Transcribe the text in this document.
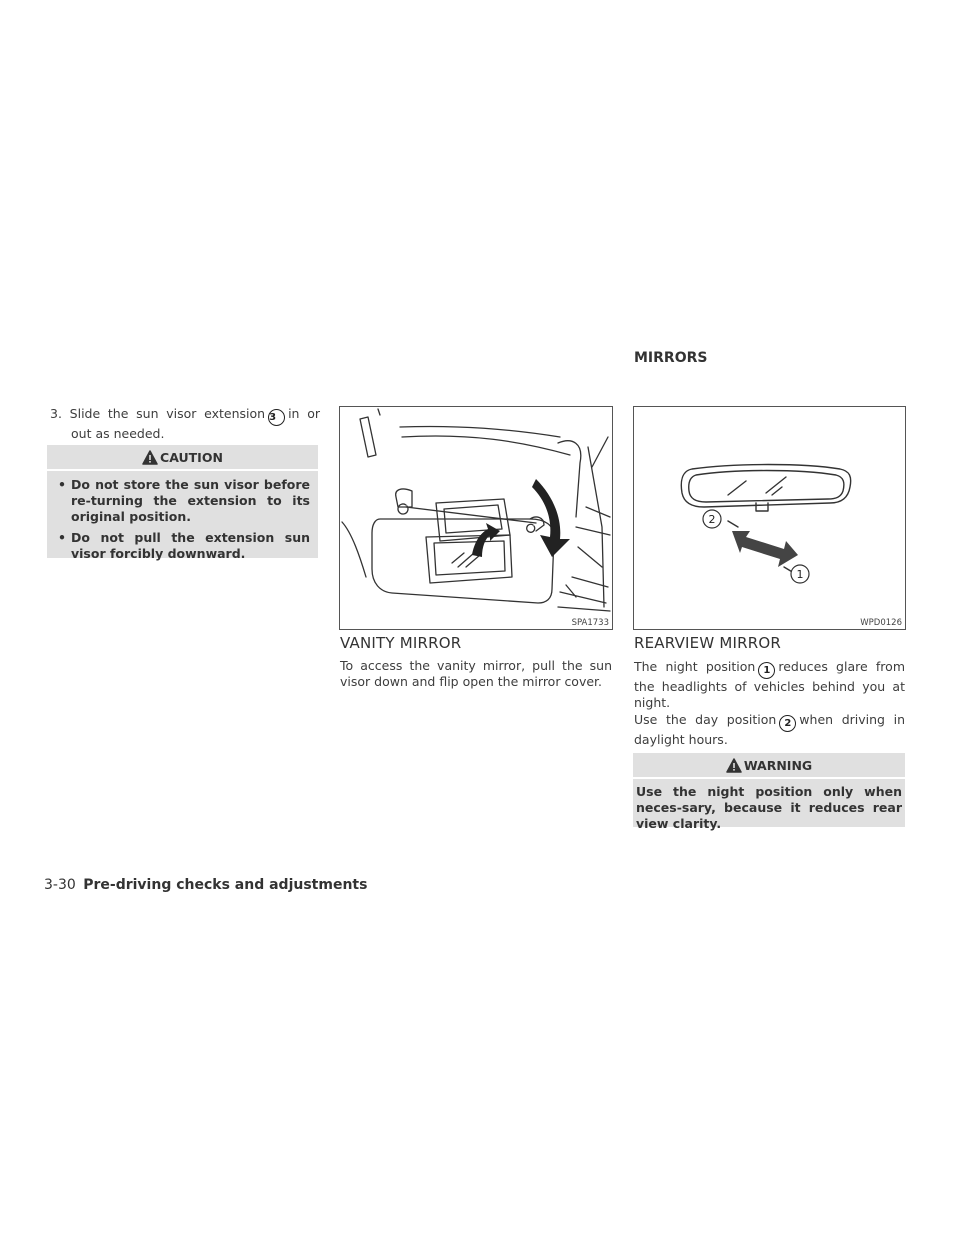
3. Slide the sun visor extension 3 in or
out as needed.
CAUTION
• Do not store the sun visor before re-turning the extension to its original position.
• Do not pull the extension sun visor forcibly downward.
MIRRORS
SPA1733
VANITY MIRROR
To access the vanity mirror, pull the sun visor down and flip open the mirror cover.
2
1
WPD0126
REARVIEW MIRROR
The night position 1 reduces glare from the headlights of vehicles behind you at night.
Use the day position 2 when driving in daylight hours.
WARNING
Use the night position only when neces-sary, because it reduces rear view clarity.
3-30 Pre-driving checks and adjustments
